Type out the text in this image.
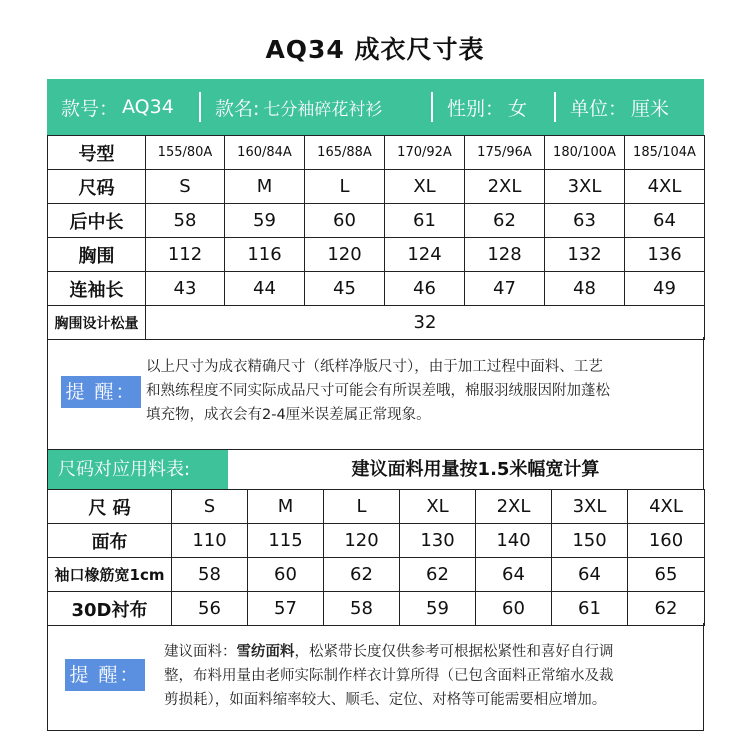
AQ34 成衣尺寸表
款号： AQ34 款名: 七分袖碎花衬衫	性别： 女 单位： 厘米
号型	155/80A	160/84A	165/88A	170/92A	175/96A	180/100A	185/104A
尺码	S	M	L	XL	2XL	3XL	4XL
后中长	58	59	60	61	62	63	64
胸围	112	116	120	124	128	132	136
连袖长	43	44	45	46	47	48	49
胸围设计松量	32						
提 醒：
以上尺寸为成衣精确尺寸（纸样净版尺寸），由于加工过程中面料、工艺
和熟练程度不同实际成品尺寸可能会有所误差哦，棉服羽绒服因附加蓬松
填充物，成衣会有2-4厘米误差属正常现象。
尺码对应用料表:	建议面料用量按1.5米幅宽计算
尺 码	S	M	L	XL	2XL	3XL	4XL
面布	110	115	120	130	140	150	160
袖口橡筋宽1cm	58	60	62	62	64	64	65
30D衬布	56	57	58	59	60	61	62
提 醒：
建议面料：雪纺面料，松紧带长度仅供参考可根据松紧性和喜好自行调
整，布料用量由老师实际制作样衣计算所得（已包含面料正常缩水及裁
剪损耗），如面料缩率较大、顺毛、定位、对格等可能需要相应增加。
